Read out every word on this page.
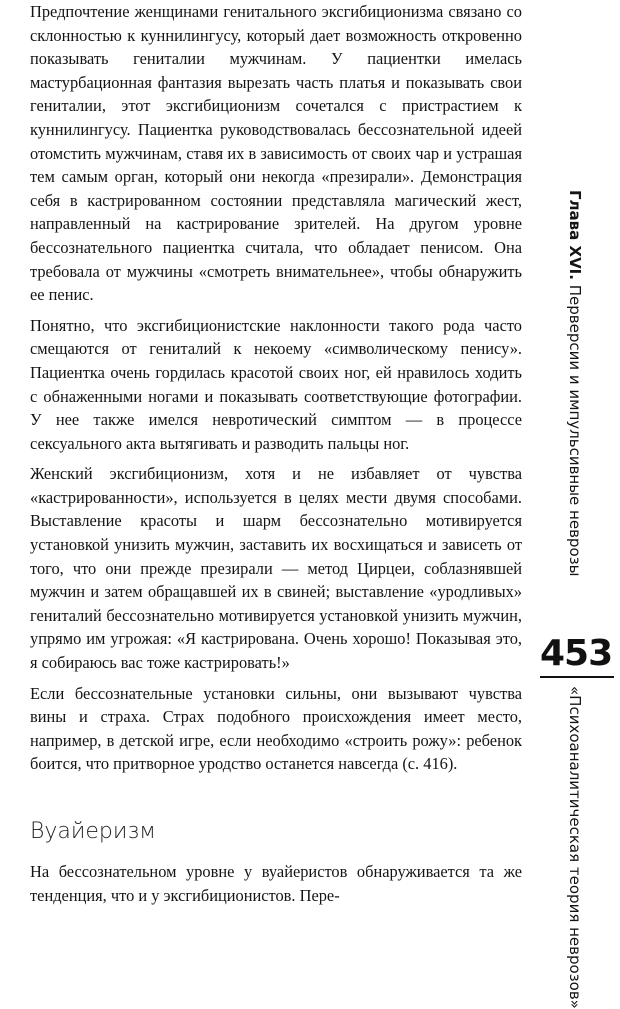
Предпочтение женщинами генитального эксгибиционизма связано со склонностью к куннилингусу, который дает возможность откровенно показывать гениталии мужчинам. У пациентки имелась мастурбационная фантазия вырезать часть платья и показывать свои гениталии, этот эксгибиционизм сочетался с пристрастием к куннилингусу. Пациентка руководствовалась бессознательной идеей отомстить мужчинам, ставя их в зависимость от своих чар и устрашая тем самым орган, который они некогда «презирали». Демонстрация себя в кастрированном состоянии представляла магический жест, направленный на кастрирование зрителей. На другом уровне бессознательного пациентка считала, что обладает пенисом. Она требовала от мужчины «смотреть внимательнее», чтобы обнаружить ее пенис.

Понятно, что эксгибиционистские наклонности такого рода часто смещаются от гениталий к некоему «символическому пенису». Пациентка очень гордилась красотой своих ног, ей нравилось ходить с обнаженными ногами и показывать соответствующие фотографии. У нее также имелся невротический симптом — в процессе сексуального акта вытягивать и разводить пальцы ног.

Женский эксгибиционизм, хотя и не избавляет от чувства «кастрированности», используется в целях мести двумя способами. Выставление красоты и шарм бессознательно мотивируется установкой унизить мужчин, заставить их восхищаться и зависеть от того, что они прежде презирали — метод Цирцеи, соблазнявшей мужчин и затем обращавшей их в свиней; выставление «уродливых» гениталий бессознательно мотивируется установкой унизить мужчин, упрямо им угрожая: «Я кастрирована. Очень хорошо! Показывая это, я собираюсь вас тоже кастрировать!»

Если бессознательные установки сильны, они вызывают чувства вины и страха. Страх подобного происхождения имеет место, например, в детской игре, если необходимо «строить рожу»: ребенок боится, что притворное уродство останется навсегда (с. 416).

Вуайеризм

На бессознательном уровне у вуайеристов обнаруживается та же тенденция, что и у эксгибиционистов. Пере-

Глава XVI. Перверсии и импульсивные неврозы
«Психоаналитическая теория неврозов»
453
